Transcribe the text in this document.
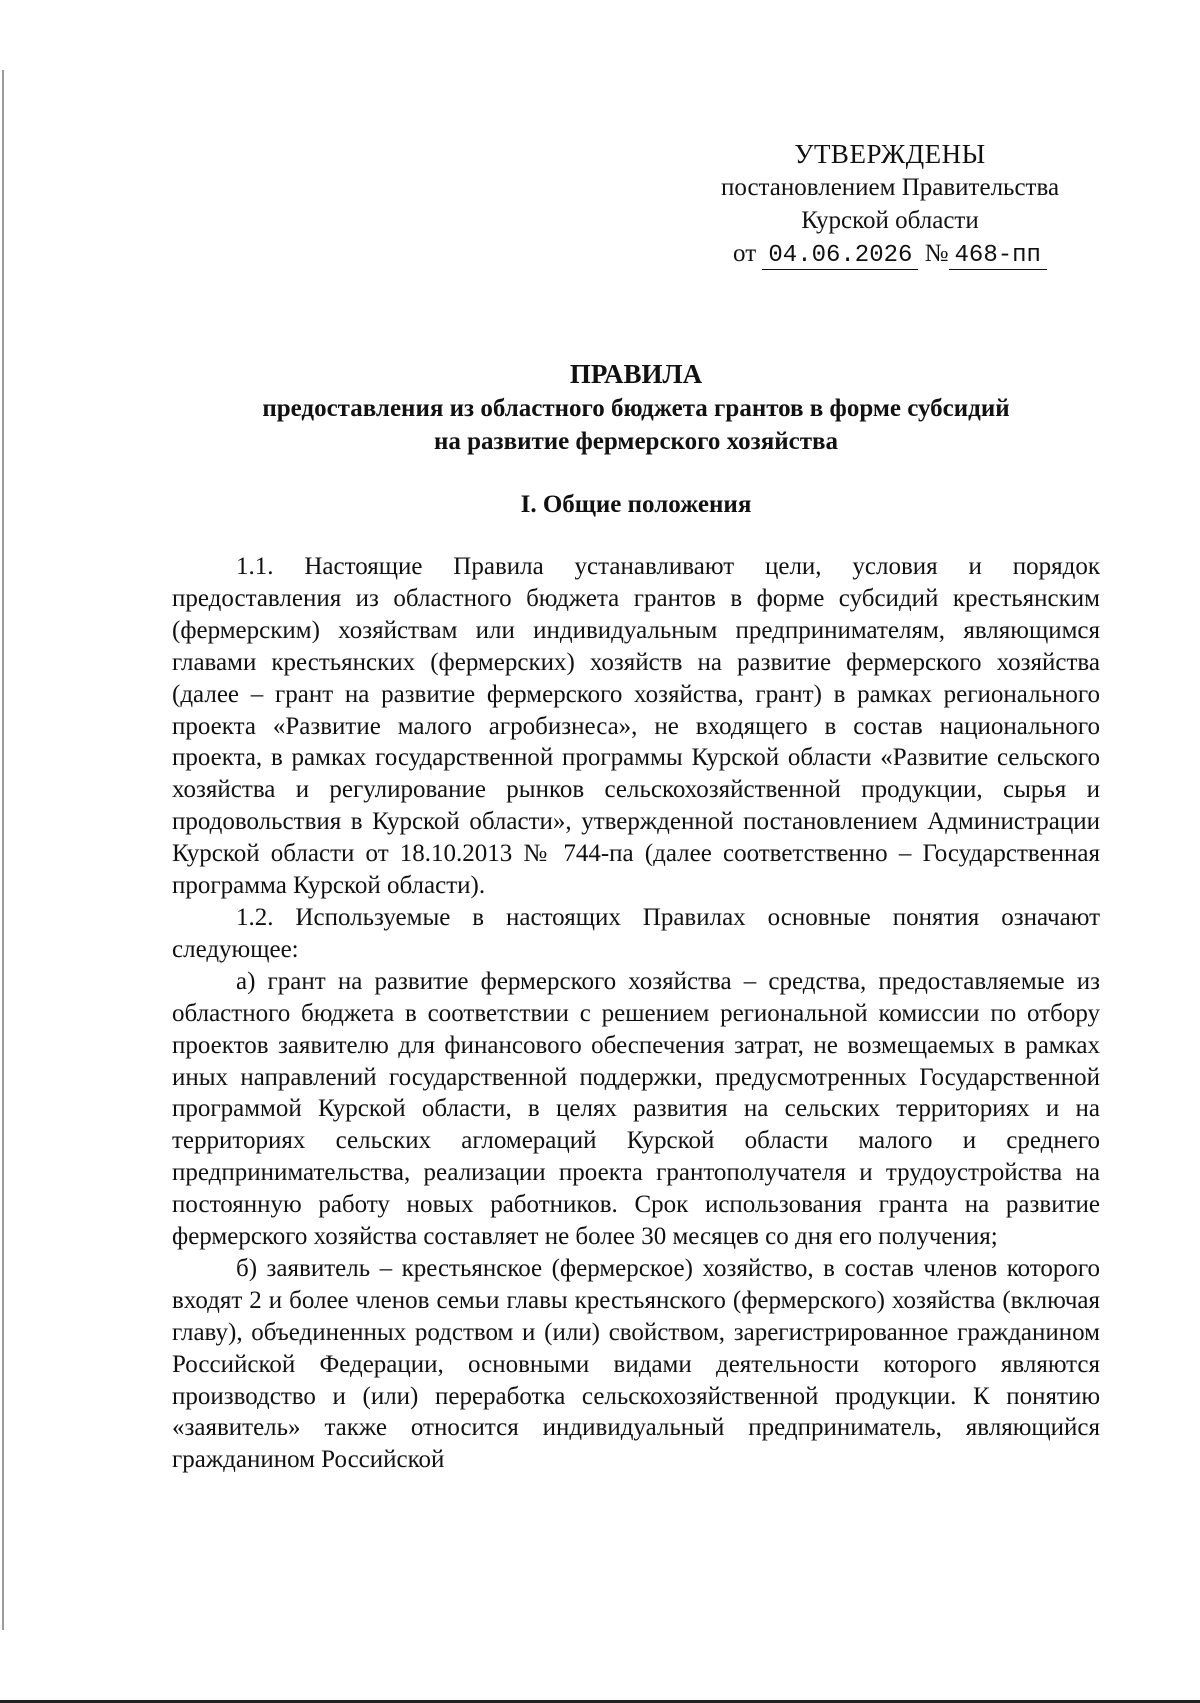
УТВЕРЖДЕНЫ
постановлением Правительства
Курской области
от 04.06.2026 № 468-пп
ПРАВИЛА
предоставления из областного бюджета грантов в форме субсидий
на развитие фермерского хозяйства
I. Общие положения

1.1. Настоящие Правила устанавливают цели, условия и порядок предоставления из областного бюджета грантов в форме субсидий крестьянским (фермерским) хозяйствам или индивидуальным предпринимателям, являющимся главами крестьянских (фермерских) хозяйств на развитие фермерского хозяйства (далее – грант на развитие фермерского хозяйства, грант) в рамках регионального проекта «Развитие малого агробизнеса», не входящего в состав национального проекта, в рамках государственной программы Курской области «Развитие сельского хозяйства и регулирование рынков сельскохозяйственной продукции, сырья и продовольствия в Курской области», утвержденной постановлением Администрации Курской области от 18.10.2013 № 744-па (далее соответственно – Государственная программа Курской области).

1.2. Используемые в настоящих Правилах основные понятия означают следующее:

а) грант на развитие фермерского хозяйства – средства, предоставляемые из областного бюджета в соответствии с решением региональной комиссии по отбору проектов заявителю для финансового обеспечения затрат, не возмещаемых в рамках иных направлений государственной поддержки, предусмотренных Государственной программой Курской области, в целях развития на сельских территориях и на территориях сельских агломераций Курской области малого и среднего предпринимательства, реализации проекта грантополучателя и трудоустройства на постоянную работу новых работников. Срок использования гранта на развитие фермерского хозяйства составляет не более 30 месяцев со дня его получения;

б) заявитель – крестьянское (фермерское) хозяйство, в состав членов которого входят 2 и более членов семьи главы крестьянского (фермерского) хозяйства (включая главу), объединенных родством и (или) свойством, зарегистрированное гражданином Российской Федерации, основными видами деятельности которого являются производство и (или) переработка сельскохозяйственной продукции. К понятию «заявитель» также относится индивидуальный предприниматель, являющийся гражданином Российской
